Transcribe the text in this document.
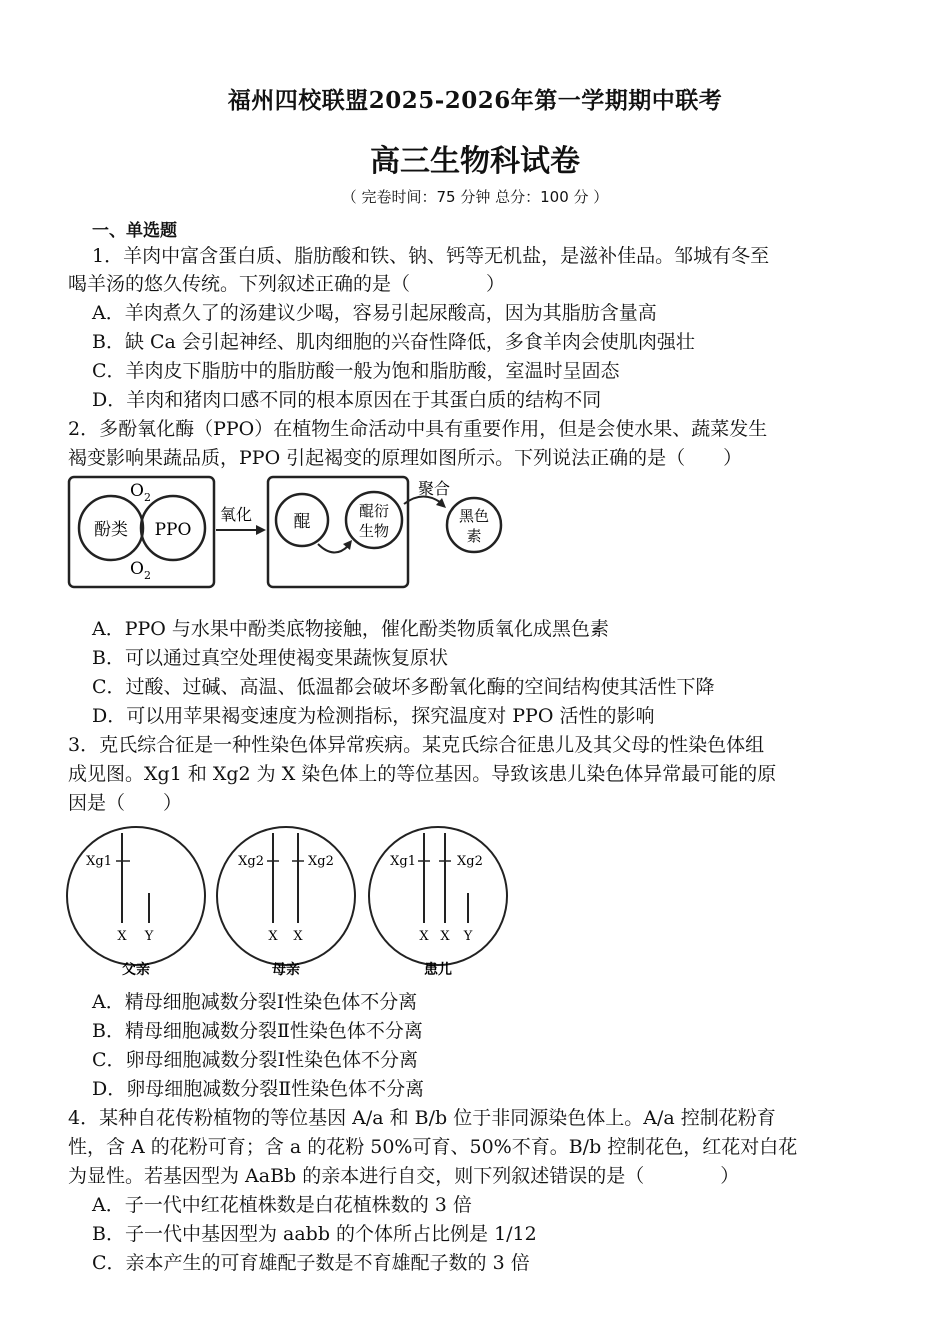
福州四校联盟2025-2026年第一学期期中联考
高三生物科试卷
（ 完卷时间：75 分钟 总分：100 分 ）
一、单选题
1．羊肉中富含蛋白质、脂肪酸和铁、钠、钙等无机盐，是滋补佳品。邹城有冬至
喝羊汤的悠久传统。下列叙述正确的是（　　　　）
A．羊肉煮久了的汤建议少喝，容易引起尿酸高，因为其脂肪含量高
B．缺 Ca 会引起神经、肌肉细胞的兴奋性降低，多食羊肉会使肌肉强壮
C．羊肉皮下脂肪中的脂肪酸一般为饱和脂肪酸，室温时呈固态
D．羊肉和猪肉口感不同的根本原因在于其蛋白质的结构不同
2．多酚氧化酶（PPO）在植物生命活动中具有重要作用，但是会使水果、蔬菜发生
褐变影响果蔬品质，PPO 引起褐变的原理如图所示。下列说法正确的是（　　）
$O_2$
$O_2$
酚类 PPO
氧化 醌
醌衍
生物
聚合
黑色
素
A．PPO 与水果中酚类底物接触，催化酚类物质氧化成黑色素
B．可以通过真空处理使褐变果蔬恢复原状
C．过酸、过碱、高温、低温都会破坏多酚氧化酶的空间结构使其活性下降
D．可以用苹果褐变速度为检测指标，探究温度对 PPO 活性的影响
3．克氏综合征是一种性染色体异常疾病。某克氏综合征患儿及其父母的性染色体组
成见图。Xg1 和 Xg2 为 X 染色体上的等位基因。导致该患儿染色体异常最可能的原
因是（　　）
Xg1
X Y
父亲
Xg2	Xg2
X X
母亲
Xg1	Xg2
X X Y
患儿
A．精母细胞减数分裂Ⅰ性染色体不分离
B．精母细胞减数分裂Ⅱ性染色体不分离
C．卵母细胞减数分裂Ⅰ性染色体不分离
D．卵母细胞减数分裂Ⅱ性染色体不分离
4．某种自花传粉植物的等位基因 A/a 和 B/b 位于非同源染色体上。A/a 控制花粉育
性，含 A 的花粉可育；含 a 的花粉 50%可育、50%不育。B/b 控制花色，红花对白花
为显性。若基因型为 AaBb 的亲本进行自交，则下列叙述错误的是（　　　　）
A．子一代中红花植株数是白花植株数的 3 倍
B．子一代中基因型为 aabb 的个体所占比例是 1/12
C．亲本产生的可育雄配子数是不育雄配子数的 3 倍
